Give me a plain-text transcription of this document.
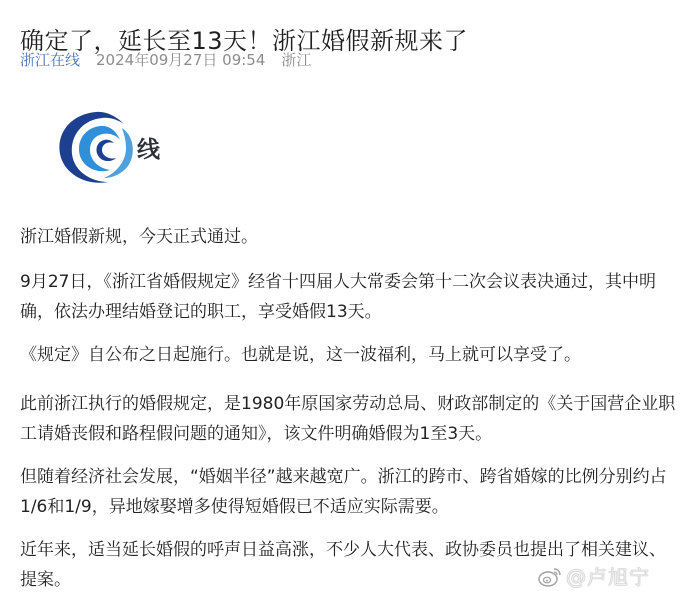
确定了，延长至13天！浙江婚假新规来了
浙江在线 2024年09月27日 09:54 浙江
线
浙江婚假新规，今天正式通过。
9月27日，《浙江省婚假规定》经省十四届人大常委会第十二次会议表决通过，其中明
确，依法办理结婚登记的职工，享受婚假13天。
《规定》自公布之日起施行。也就是说，这一波福利，马上就可以享受了。
此前浙江执行的婚假规定，是1980年原国家劳动总局、财政部制定的《关于国营企业职
工请婚丧假和路程假问题的通知》，该文件明确婚假为1至3天。
但随着经济社会发展，“婚姻半径”越来越宽广。浙江的跨市、跨省婚嫁的比例分别约占
1/6和1/9，异地嫁娶增多使得短婚假已不适应实际需要。
近年来，适当延长婚假的呼声日益高涨，不少人大代表、政协委员也提出了相关建议、
提案。	@卢旭宁
